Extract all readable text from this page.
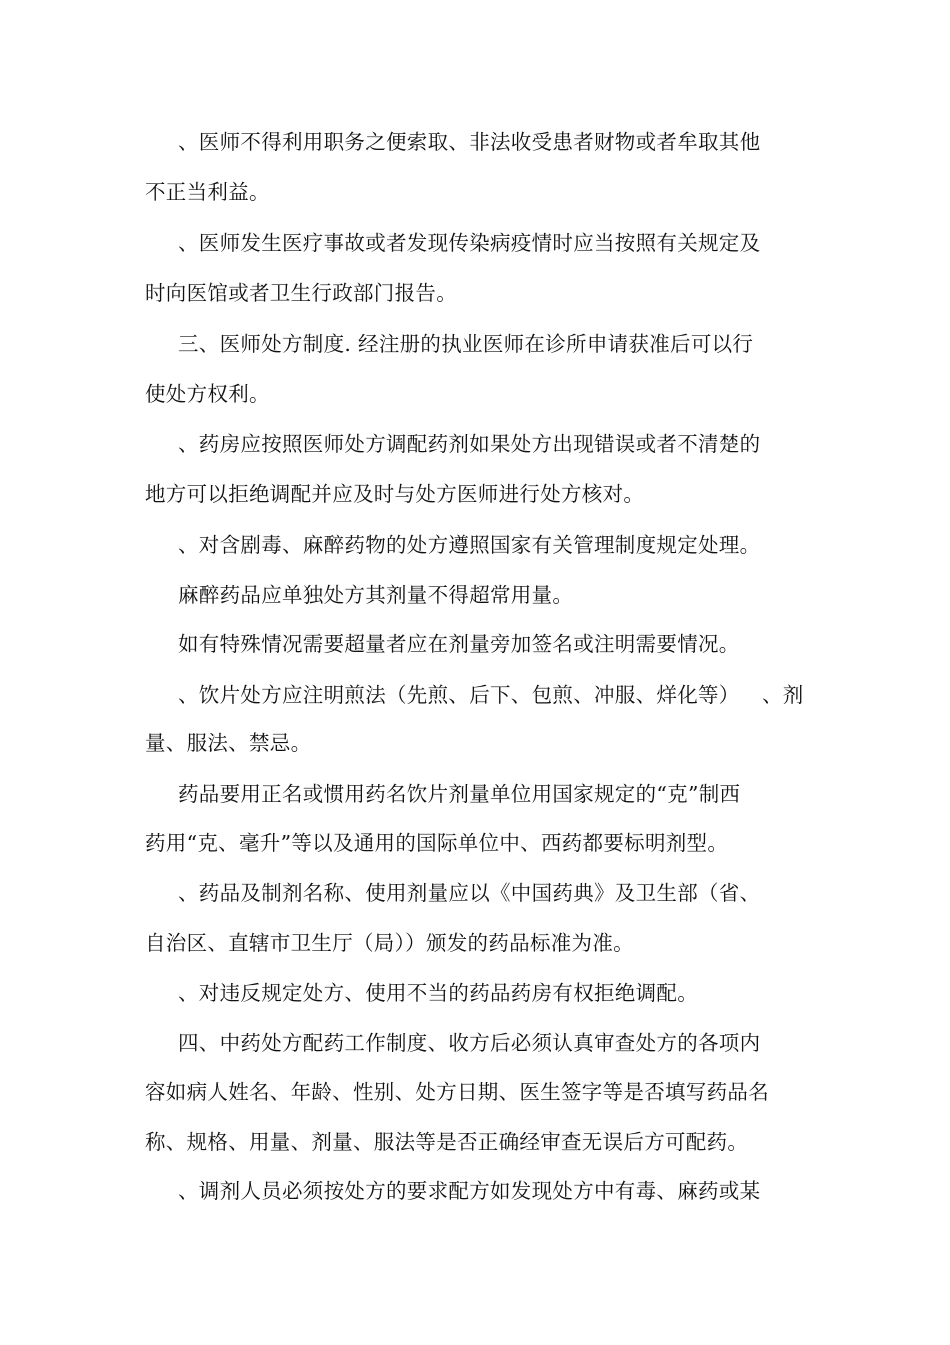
、医师不得利用职务之便索取、非法收受患者财物或者牟取其他
不正当利益。
、医师发生医疗事故或者发现传染病疫情时应当按照有关规定及
时向医馆或者卫生行政部门报告。
三、医师处方制度. 经注册的执业医师在诊所申请获准后可以行
使处方权利。
、药房应按照医师处方调配药剂如果处方出现错误或者不清楚的
地方可以拒绝调配并应及时与处方医师进行处方核对。
、对含剧毒、麻醉药物的处方遵照国家有关管理制度规定处理。
麻醉药品应单独处方其剂量不得超常用量。
如有特殊情况需要超量者应在剂量旁加签名或注明需要情况。
、饮片处方应注明煎法（先煎、后下、包煎、冲服、烊化等） 、剂
量、服法、禁忌。
药品要用正名或惯用药名饮片剂量单位用国家规定的“克”制西
药用“克、毫升”等以及通用的国际单位中、西药都要标明剂型。
、药品及制剂名称、使用剂量应以《中国药典》及卫生部（省、
自治区、直辖市卫生厅（局））颁发的药品标准为准。
、对违反规定处方、使用不当的药品药房有权拒绝调配。
四、中药处方配药工作制度、收方后必须认真审查处方的各项内
容如病人姓名、年龄、性别、处方日期、医生签字等是否填写药品名
称、规格、用量、剂量、服法等是否正确经审查无误后方可配药。
、调剂人员必须按处方的要求配方如发现处方中有毒、麻药或某
